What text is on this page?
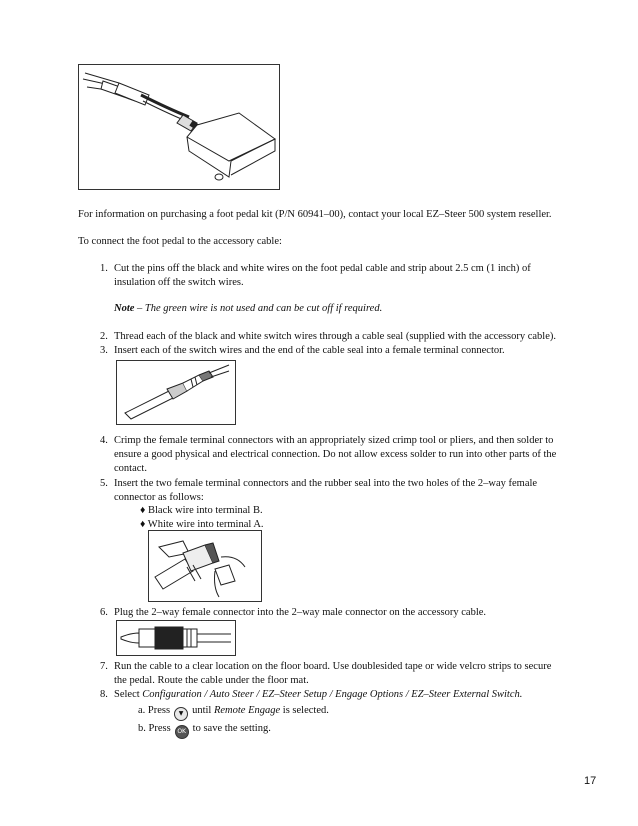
For information on purchasing a foot pedal kit (P/N 60941–00), contact your local EZ–Steer 500 system reseller.
To connect the foot pedal to the accessory cable:
1. Cut the pins off the black and white wires on the foot pedal cable and strip about 2.5 cm (1 inch) of
insulation off the switch wires.
Note – The green wire is not used and can be cut off if required.
2. Thread each of the black and white switch wires through a cable seal (supplied with the accessory cable).
3. Insert each of the switch wires and the end of the cable seal into a female terminal connector.
4. Crimp the female terminal connectors with an appropriately sized crimp tool or pliers, and then solder to
ensure a good physical and electrical connection. Do not allow excess solder to run into other parts of the
contact.
5. Insert the two female terminal connectors and the rubber seal into the two holes of the 2–way female
connector as follows:
♦ Black wire into terminal B.
♦ White wire into terminal A.
6. Plug the 2–way female connector into the 2–way male connector on the accessory cable.
7. Run the cable to a clear location on the floor board. Use doublesided tape or wide velcro strips to secure
the pedal. Route the cable under the floor mat.
8. Select Configuration / Auto Steer / EZ–Steer Setup / Engage Options / EZ–Steer External Switch.
a. Press ▼ until Remote Engage is selected.
b. Press OK to save the setting.
17
